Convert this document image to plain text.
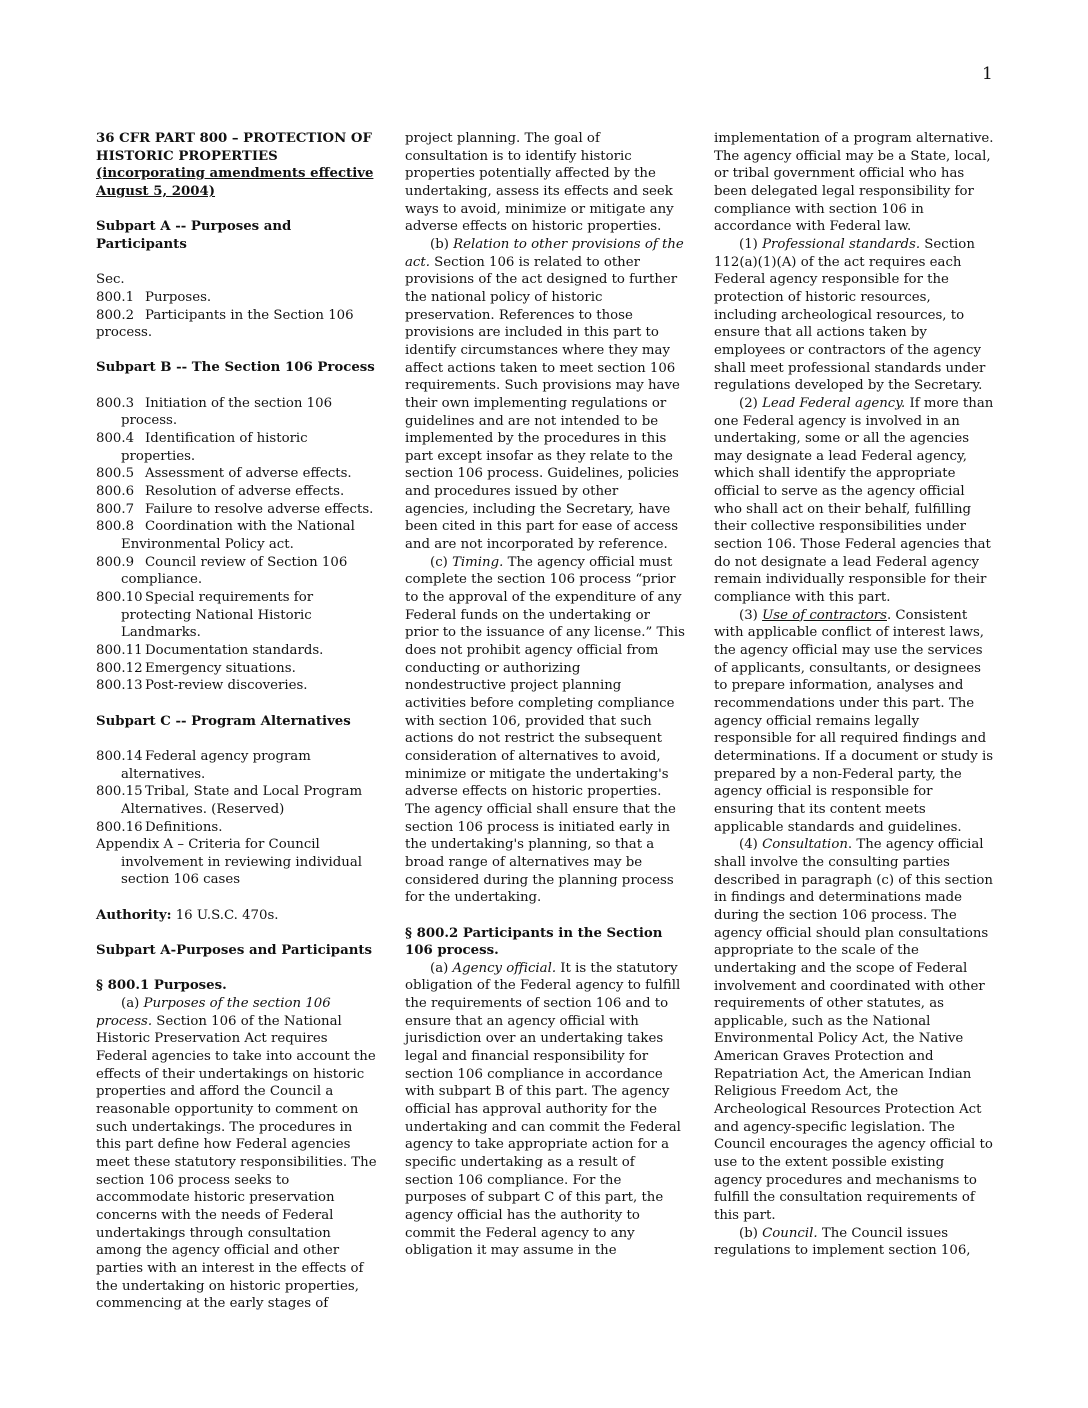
1

36 CFR PART 800 – PROTECTION OF HISTORIC PROPERTIES (incorporating amendments effective August 5, 2004)

Subpart A -- Purposes and Participants

Sec.

800.1 Purposes.

800.2 Participants in the Section 106 process.

Subpart B -- The Section 106 Process

800.3 Initiation of the section 106 process.

800.4 Identification of historic properties.

800.5 Assessment of adverse effects.

800.6 Resolution of adverse effects.

800.7 Failure to resolve adverse effects.

800.8 Coordination with the National Environmental Policy act.

800.9 Council review of Section 106 compliance.

800.10 Special requirements for protecting National Historic Landmarks.

800.11 Documentation standards.

800.12 Emergency situations.

800.13 Post-review discoveries.

Subpart C -- Program Alternatives

800.14 Federal agency program alternatives.

800.15 Tribal, State and Local Program Alternatives. (Reserved)

800.16 Definitions.

Appendix A – Criteria for Council involvement in reviewing individual section 106 cases

Authority: 16 U.S.C. 470s.

Subpart A-Purposes and Participants

§ 800.1 Purposes.

(a) Purposes of the section 106 process. Section 106 of the National Historic Preservation Act requires Federal agencies to take into account the effects of their undertakings on historic properties and afford the Council a reasonable opportunity to comment on such undertakings. The procedures in this part define how Federal agencies meet these statutory responsibilities. The section 106 process seeks to accommodate historic preservation concerns with the needs of Federal undertakings through consultation among the agency official and other parties with an interest in the effects of the undertaking on historic properties, commencing at the early stages of

project planning. The goal of consultation is to identify historic properties potentially affected by the undertaking, assess its effects and seek ways to avoid, minimize or mitigate any adverse effects on historic properties.

(b) Relation to other provisions of the act. Section 106 is related to other provisions of the act designed to further the national policy of historic preservation. References to those provisions are included in this part to identify circumstances where they may affect actions taken to meet section 106 requirements. Such provisions may have their own implementing regulations or guidelines and are not intended to be implemented by the procedures in this part except insofar as they relate to the section 106 process. Guidelines, policies and procedures issued by other agencies, including the Secretary, have been cited in this part for ease of access and are not incorporated by reference.

(c) Timing. The agency official must complete the section 106 process “prior to the approval of the expenditure of any Federal funds on the undertaking or prior to the issuance of any license.” This does not prohibit agency official from conducting or authorizing nondestructive project planning activities before completing compliance with section 106, provided that such actions do not restrict the subsequent consideration of alternatives to avoid, minimize or mitigate the undertaking's adverse effects on historic properties. The agency official shall ensure that the section 106 process is initiated early in the undertaking's planning, so that a broad range of alternatives may be considered during the planning process for the undertaking.

§ 800.2 Participants in the Section 106 process.

(a) Agency official. It is the statutory obligation of the Federal agency to fulfill the requirements of section 106 and to ensure that an agency official with jurisdiction over an undertaking takes legal and financial responsibility for section 106 compliance in accordance with subpart B of this part. The agency official has approval authority for the undertaking and can commit the Federal agency to take appropriate action for a specific undertaking as a result of section 106 compliance. For the purposes of subpart C of this part, the agency official has the authority to commit the Federal agency to any obligation it may assume in the

implementation of a program alternative. The agency official may be a State, local, or tribal government official who has been delegated legal responsibility for compliance with section 106 in accordance with Federal law.

(1) Professional standards. Section 112(a)(1)(A) of the act requires each Federal agency responsible for the protection of historic resources, including archeological resources, to ensure that all actions taken by employees or contractors of the agency shall meet professional standards under regulations developed by the Secretary.

(2) Lead Federal agency. If more than one Federal agency is involved in an undertaking, some or all the agencies may designate a lead Federal agency, which shall identify the appropriate official to serve as the agency official who shall act on their behalf, fulfilling their collective responsibilities under section 106. Those Federal agencies that do not designate a lead Federal agency remain individually responsible for their compliance with this part.

(3) Use of contractors. Consistent with applicable conflict of interest laws, the agency official may use the services of applicants, consultants, or designees to prepare information, analyses and recommendations under this part. The agency official remains legally responsible for all required findings and determinations. If a document or study is prepared by a non-Federal party, the agency official is responsible for ensuring that its content meets applicable standards and guidelines.

(4) Consultation. The agency official shall involve the consulting parties described in paragraph (c) of this section in findings and determinations made during the section 106 process. The agency official should plan consultations appropriate to the scale of the undertaking and the scope of Federal involvement and coordinated with other requirements of other statutes, as applicable, such as the National Environmental Policy Act, the Native American Graves Protection and Repatriation Act, the American Indian Religious Freedom Act, the Archeological Resources Protection Act and agency-specific legislation. The Council encourages the agency official to use to the extent possible existing agency procedures and mechanisms to fulfill the consultation requirements of this part.

(b) Council. The Council issues regulations to implement section 106,
